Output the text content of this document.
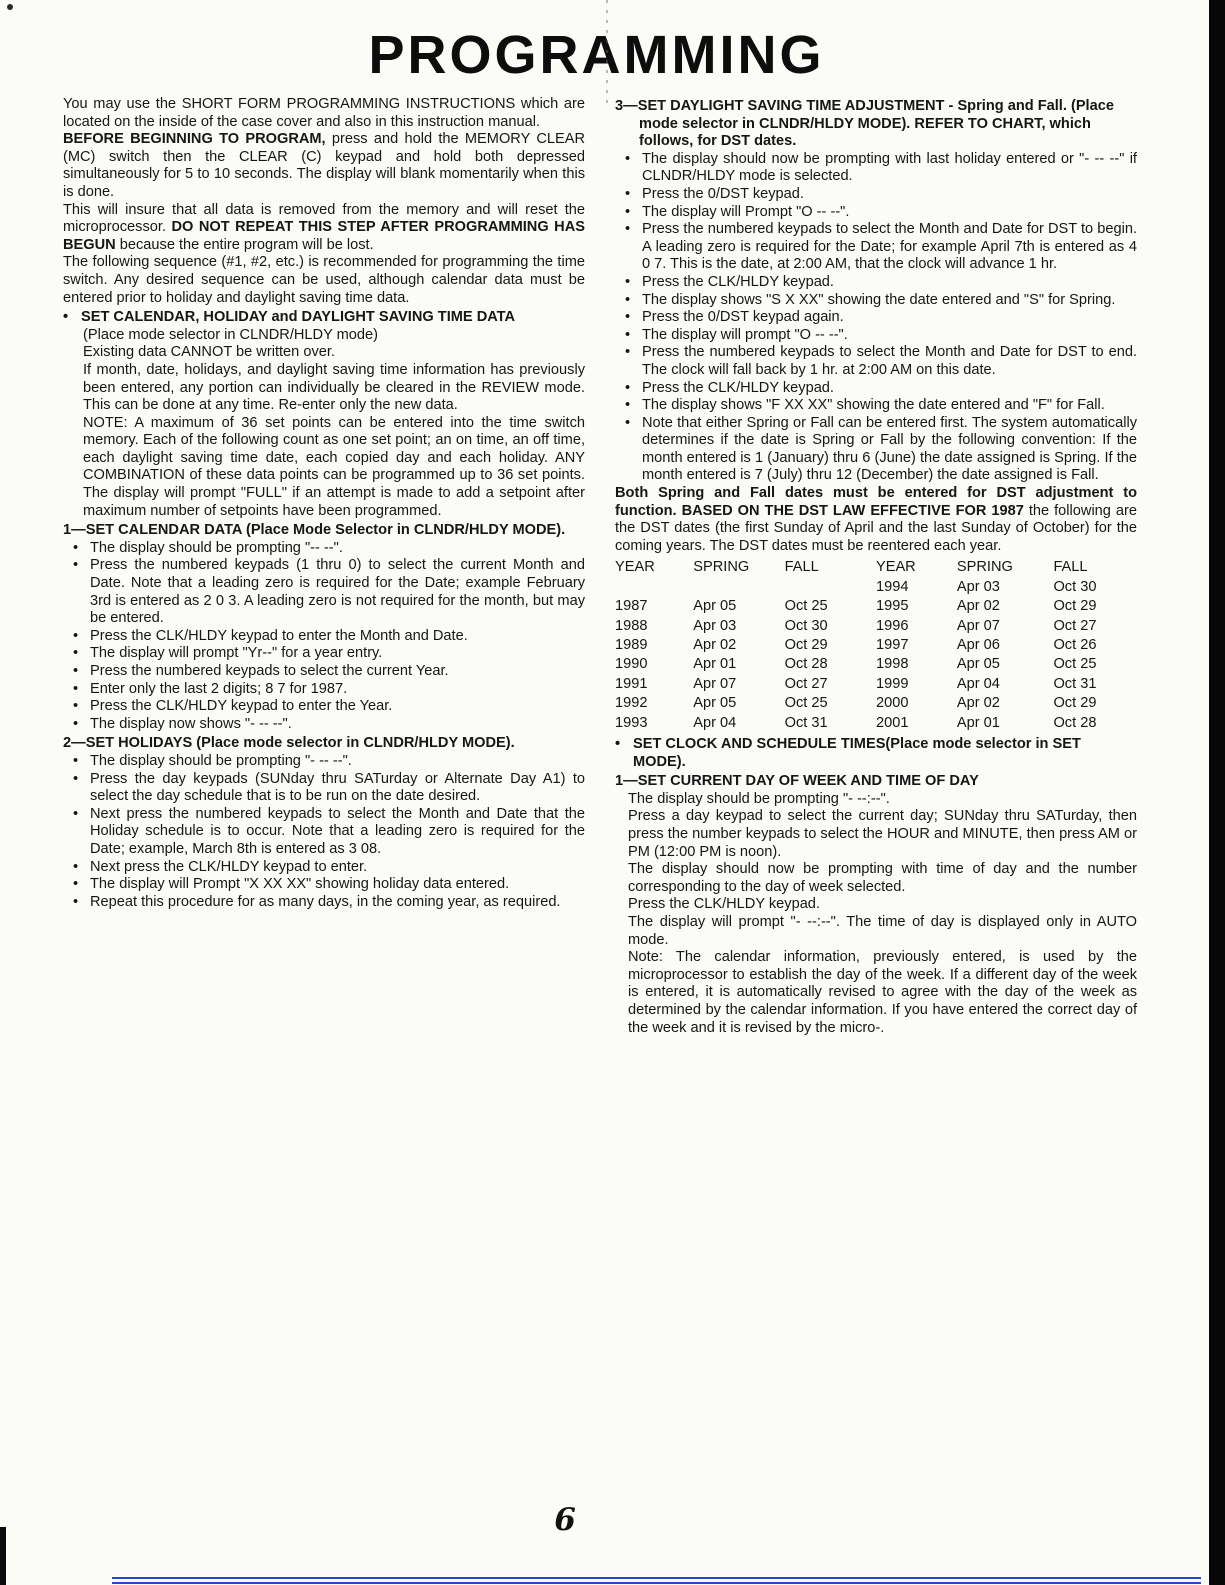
PROGRAMMING

You may use the SHORT FORM PROGRAMMING INSTRUCTIONS which are located on the inside of the case cover and also in this instruction manual.

BEFORE BEGINNING TO PROGRAM, press and hold the MEMORY CLEAR (MC) switch then the CLEAR (C) keypad and hold both depressed simultaneously for 5 to 10 seconds. The display will blank momentarily when this is done.

This will insure that all data is removed from the memory and will reset the microprocessor. DO NOT REPEAT THIS STEP AFTER PROGRAMMING HAS BEGUN because the entire program will be lost.

The following sequence (#1, #2, etc.) is recommended for programming the time switch. Any desired sequence can be used, although calendar data must be entered prior to holiday and daylight saving time data.

• SET CALENDAR, HOLIDAY and DAYLIGHT SAVING TIME DATA

(Place mode selector in CLNDR/HLDY mode)

Existing data CANNOT be written over.

If month, date, holidays, and daylight saving time information has previously been entered, any portion can individually be cleared in the REVIEW mode. This can be done at any time. Re-enter only the new data.

NOTE: A maximum of 36 set points can be entered into the time switch memory. Each of the following count as one set point; an on time, an off time, each daylight saving time date, each copied day and each holiday. ANY COMBINATION of these data points can be programmed up to 36 set points. The display will prompt "FULL" if an attempt is made to add a setpoint after maximum number of setpoints have been programmed.

1—SET CALENDAR DATA (Place Mode Selector in CLNDR/HLDY MODE).

• The display should be prompting "-- --".
• Press the numbered keypads (1 thru 0) to select the current Month and Date. Note that a leading zero is required for the Date; example February 3rd is entered as 2 0 3. A leading zero is not required for the month, but may be entered.
• Press the CLK/HLDY keypad to enter the Month and Date.
• The display will prompt "Yr--" for a year entry.
• Press the numbered keypads to select the current Year.
• Enter only the last 2 digits; 8 7 for 1987.
• Press the CLK/HLDY keypad to enter the Year.
• The display now shows "- -- --".

2—SET HOLIDAYS (Place mode selector in CLNDR/HLDY MODE).

• The display should be prompting "- -- --".
• Press the day keypads (SUNday thru SATurday or Alternate Day A1) to select the day schedule that is to be run on the date desired.
• Next press the numbered keypads to select the Month and Date that the Holiday schedule is to occur. Note that a leading zero is required for the Date; example, March 8th is entered as 3 08.
• Next press the CLK/HLDY keypad to enter.
• The display will Prompt "X XX XX" showing holiday data entered.
• Repeat this procedure for as many days, in the coming year, as required.

3—SET DAYLIGHT SAVING TIME ADJUSTMENT - Spring and Fall. (Place mode selector in CLNDR/HLDY MODE). REFER TO CHART, which follows, for DST dates.

• The display should now be prompting with last holiday entered or "- -- --" if CLNDR/HLDY mode is selected.
• Press the 0/DST keypad.
• The display will Prompt "O -- --".
• Press the numbered keypads to select the Month and Date for DST to begin. A leading zero is required for the Date; for example April 7th is entered as 4 0 7. This is the date, at 2:00 AM, that the clock will advance 1 hr.
• Press the CLK/HLDY keypad.
• The display shows "S X XX" showing the date entered and "S" for Spring.
• Press the 0/DST keypad again.
• The display will prompt "O -- --".
• Press the numbered keypads to select the Month and Date for DST to end. The clock will fall back by 1 hr. at 2:00 AM on this date.
• Press the CLK/HLDY keypad.
• The display shows "F XX XX" showing the date entered and "F" for Fall.
• Note that either Spring or Fall can be entered first. The system automatically determines if the date is Spring or Fall by the following convention: If the month entered is 1 (January) thru 6 (June) the date assigned is Spring. If the month entered is 7 (July) thru 12 (December) the date assigned is Fall.

Both Spring and Fall dates must be entered for DST adjustment to function. BASED ON THE DST LAW EFFECTIVE FOR 1987 the following are the DST dates (the first Sunday of April and the last Sunday of October) for the coming years. The DST dates must be reentered each year.

YEAR	SPRING	FALL	YEAR	SPRING	FALL
			1994	Apr 03	Oct 30
1987	Apr 05	Oct 25	1995	Apr 02	Oct 29
1988	Apr 03	Oct 30	1996	Apr 07	Oct 27
1989	Apr 02	Oct 29	1997	Apr 06	Oct 26
1990	Apr 01	Oct 28	1998	Apr 05	Oct 25
1991	Apr 07	Oct 27	1999	Apr 04	Oct 31
1992	Apr 05	Oct 25	2000	Apr 02	Oct 29
1993	Apr 04	Oct 31	2001	Apr 01	Oct 28
• SET CLOCK AND SCHEDULE TIMES(Place mode selector in SET MODE).

1—SET CURRENT DAY OF WEEK AND TIME OF DAY

The display should be prompting "- --:--".

Press a day keypad to select the current day; SUNday thru SATurday, then press the number keypads to select the HOUR and MINUTE, then press AM or PM (12:00 PM is noon).

The display should now be prompting with time of day and the number corresponding to the day of week selected.

Press the CLK/HLDY keypad.

The display will prompt "- --:--". The time of day is displayed only in AUTO mode.

Note: The calendar information, previously entered, is used by the microprocessor to establish the day of the week. If a different day of the week is entered, it is automatically revised to agree with the day of the week as determined by the calendar information. If you have entered the correct day of the week and it is revised by the micro-.

6
